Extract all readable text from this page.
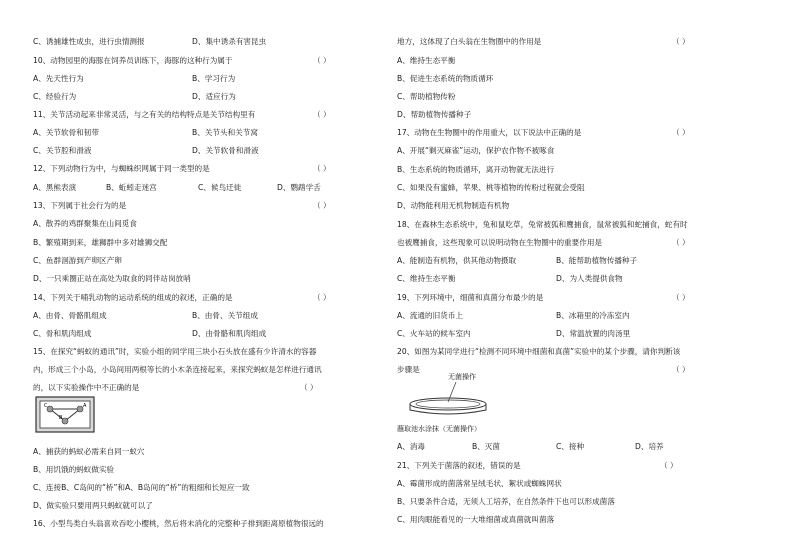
C、诱捕雄性成虫，进行虫情测报	D、集中诱杀有害昆虫
10、动物园里的海豚在饲养员训练下，海豚的这种行为属于
A、先天性行为	B、学习行为
C、经验行为	D、适应行为
11、关节活动起来非常灵活，与之有关的结构特点是关节结构里有
A、关节软骨和韧带	B、关节头和关节窝
C、关节腔和滑液	D、关节软骨和滑液
12、下列动物行为中，与蜘蛛织网属于同一类型的是
A、黑熊表演	B、蚯蚓走迷宫	C、候鸟迁徙	D、鹦鹉学舌
13、下列属于社会行为的是
A、散养的鸡群聚集在山间觅食
B、繁殖期到来，雄狮群中多对雄狮交配
C、鱼群洄游到产卵区产卵
D、一只乘圈正站在高处为取食的同伴站岗放哨
14、下列关于哺乳动物的运动系统的组成的叙述，正确的是
A、由骨、骨骼肌组成	B、由骨、关节组成
C、骨和肌肉组成	D、由骨骼和肌肉组成
15、在探究“蚂蚁的通讯”时，实验小组的同学用三块小石头放在盛有少许清水的容器
内，形成三个小岛，小岛间用两根等长的小木条连接起来，来探究蚂蚁是怎样进行通讯
的，以下实验操作中不正确的是
A、捕获的蚂蚁必需来自同一蚁穴
B、用饥饿的蚂蚁做实验
C、连接B、C岛间的“桥”和A、B岛间的“桥”的粗细和长短应一致
D、做实验只要用两只蚂蚁就可以了
16、小型鸟类白头翁喜欢吞吃小樱桃，然后将未消化的完整种子排到距离原植物很远的
（ ）
（ ）
（ ）
（ ）
（ ）
（ ）
地方，这体现了白头翁在生物圈中的作用是
A、维持生态平衡
B、促进生态系统的物质循环
C、帮助植物传粉
D、帮助植物传播种子
17、动物在生物圈中的作用重大，以下说法中正确的是
A、开展“剿灭麻雀”运动，保护农作物不被啄食
B、生态系统的物质循环，离开动物就无法进行
C、如果没有蜜蜂，苹果、桃等植物的传粉过程就会受阻
D、动物能利用无机物制造有机物
18、在森林生态系统中，兔和鼠吃草，兔常被狐和鹰捕食，鼠常被狐和蛇捕食，蛇有时
也被鹰捕食，这些现象可以说明动物在生物圈中的重要作用是
A、能制造有机物，供其他动物摄取	B、能帮助植物传播种子
C、维持生态平衡	D、为人类提供食物
19、下列环境中，细菌和真菌分布最少的是
A、流通的旧货币上	B、冰箱里的冷冻室内
C、火车站的候车室内	D、常温放置的肉汤里
20、如图为某同学进行“检测不同环境中细菌和真菌”实验中的某个步骤，请你判断该
步骤是
A、消毒	B、灭菌	C、接种	D、培养
21、下列关于菌落的叙述，错误的是
A、霉菌形成的菌落常呈绒毛状、絮状或蜘蛛网状
B、只要条件合适，无须人工培养，在自然条件下也可以形成菌落
C、用肉眼能看见的一大堆细菌或真菌就叫菌落
（ ）
（ ）
（ ）
（ ）
（ ）
（ ）
C	A
B
无菌操作
蘸取池水涂抹（无菌操作）
